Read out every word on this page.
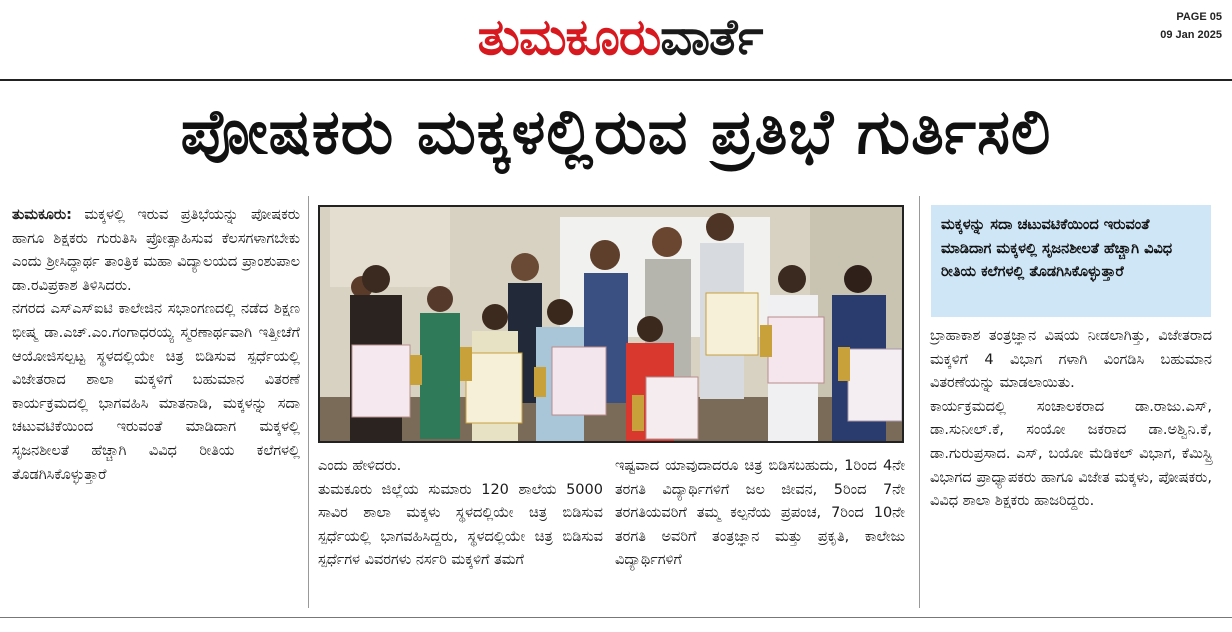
ತುಮಕೂರುವಾರ್ತೆ	PAGE 05
09 Jan 2025
ಪೋಷಕರು ಮಕ್ಕಳಲ್ಲಿರುವ ಪ್ರತಿಭೆ ಗುರ್ತಿಸಲಿ

ತುಮಕೂರು: ಮಕ್ಕಳಲ್ಲಿ ಇರುವ ಪ್ರತಿಭೆಯನ್ನು ಪೋಷಕರು ಹಾಗೂ ಶಿಕ್ಷಕರು ಗುರುತಿಸಿ ಪ್ರೋತ್ಸಾಹಿಸುವ ಕೆಲಸಗಳಾಗಬೇಕು ಎಂದು ಶ್ರೀಸಿದ್ಧಾರ್ಥ ತಾಂತ್ರಿಕ ಮಹಾ ವಿದ್ಯಾಲಯದ ಪ್ರಾಂಶುಪಾಲ ಡಾ.ರವಿಪ್ರಕಾಶ ತಿಳಿಸಿದರು.

ನಗರದ ಎಸ್‌ಎಸ್‌ಐಟಿ ಕಾಲೇಜಿನ ಸಭಾಂಗಣದಲ್ಲಿ ನಡೆದ ಶಿಕ್ಷಣ ಭೀಷ್ಮ ಡಾ.ಎಚ್.ಎಂ.ಗಂಗಾಧರಯ್ಯ ಸ್ಮರಣಾರ್ಥವಾಗಿ ಇತ್ತೀಚೆಗೆ ಆಯೋಜಿಸಲ್ಪಟ್ಟ ಸ್ಥಳದಲ್ಲಿಯೇ ಚಿತ್ರ ಬಿಡಿಸುವ ಸ್ಪರ್ಧೆಯಲ್ಲಿ ವಿಜೇತರಾದ ಶಾಲಾ ಮಕ್ಕಳಿಗೆ ಬಹುಮಾನ ವಿತರಣೆ ಕಾರ್ಯಕ್ರಮದಲ್ಲಿ ಭಾಗವಹಿಸಿ ಮಾತನಾಡಿ, ಮಕ್ಕಳನ್ನು ಸದಾ ಚಟುವಟಿಕೆಯಿಂದ ಇರುವಂತೆ ಮಾಡಿದಾಗ ಮಕ್ಕಳಲ್ಲಿ ಸೃಜನಶೀಲತೆ ಹೆಚ್ಚಾಗಿ ವಿವಿಧ ರೀತಿಯ ಕಲೆಗಳಲ್ಲಿ ತೊಡಗಿಸಿಕೊಳ್ಳುತ್ತಾರೆ

ಮಕ್ಕಳನ್ನು ಸದಾ ಚಟುವಟಿಕೆಯಿಂದ ಇರುವಂತೆ ಮಾಡಿದಾಗ ಮಕ್ಕಳಲ್ಲಿ ಸೃಜನಶೀಲತೆ ಹೆಚ್ಚಾಗಿ ವಿವಿಧ ರೀತಿಯ ಕಲೆಗಳಲ್ಲಿ ತೊಡಗಿಸಿಕೊಳ್ಳುತ್ತಾರೆ

ಎಂದು ಹೇಳಿದರು.

ತುಮಕೂರು ಜಿಲ್ಲೆಯ ಸುಮಾರು 120 ಶಾಲೆಯ 5000 ಸಾವಿರ ಶಾಲಾ ಮಕ್ಕಳು ಸ್ಥಳದಲ್ಲಿಯೇ ಚಿತ್ರ ಬಿಡಿಸುವ ಸ್ಪರ್ಧೆಯಲ್ಲಿ ಭಾಗವಹಿಸಿದ್ದರು, ಸ್ಥಳದಲ್ಲಿಯೇ ಚಿತ್ರ ಬಿಡಿಸುವ ಸ್ಪರ್ಧೆಗಳ ವಿವರಗಳು ನರ್ಸರಿ ಮಕ್ಕಳಿಗೆ ತಮಗೆ

ಇಷ್ಟವಾದ ಯಾವುದಾದರೂ ಚಿತ್ರ ಬಿಡಿಸಬಹುದು, 1ರಿಂದ 4ನೇ ತರಗತಿ ವಿದ್ಯಾರ್ಥಿಗಳಿಗೆ ಜಲ ಜೀವನ, 5ರಿಂದ 7ನೇ ತರಗತಿಯವರಿಗೆ ತಮ್ಮ ಕಲ್ಪನೆಯ ಪ್ರಪಂಚ, 7ರಿಂದ 10ನೇ ತರಗತಿ ಅವರಿಗೆ ತಂತ್ರಜ್ಞಾನ ಮತ್ತು ಪ್ರಕೃತಿ, ಕಾಲೇಜು ವಿದ್ಯಾರ್ಥಿಗಳಿಗೆ

ಬ್ರಾಹಾಕಾಶ ತಂತ್ರಜ್ಞಾನ ವಿಷಯ ನೀಡಲಾಗಿತ್ತು, ವಿಜೇತರಾದ ಮಕ್ಕಳಿಗೆ 4 ವಿಭಾಗ ಗಳಾಗಿ ವಿಂಗಡಿಸಿ ಬಹುಮಾನ ವಿತರಣೆಯನ್ನು ಮಾಡಲಾಯಿತು.

ಕಾರ್ಯಕ್ರಮದಲ್ಲಿ ಸಂಚಾಲಕರಾದ ಡಾ.ರಾಜು.ಎಸ್, ಡಾ.ಸುನೀಲ್.ಕೆ, ಸಂಯೋ ಜಕರಾದ ಡಾ.ಅಶ್ವಿನಿ.ಕೆ, ಡಾ.ಗುರುಪ್ರಸಾದ. ಎಸ್, ಬಯೋ ಮೆಡಿಕಲ್ ವಿಭಾಗ, ಕೆಮಿಸ್ಟ್ರಿ ವಿಭಾಗದ ಪ್ರಾಧ್ಯಾಪಕರು ಹಾಗೂ ವಿಜೇತ ಮಕ್ಕಳು, ಪೋಷಕರು, ವಿವಿಧ ಶಾಲಾ ಶಿಕ್ಷಕರು ಹಾಜರಿದ್ದರು.
